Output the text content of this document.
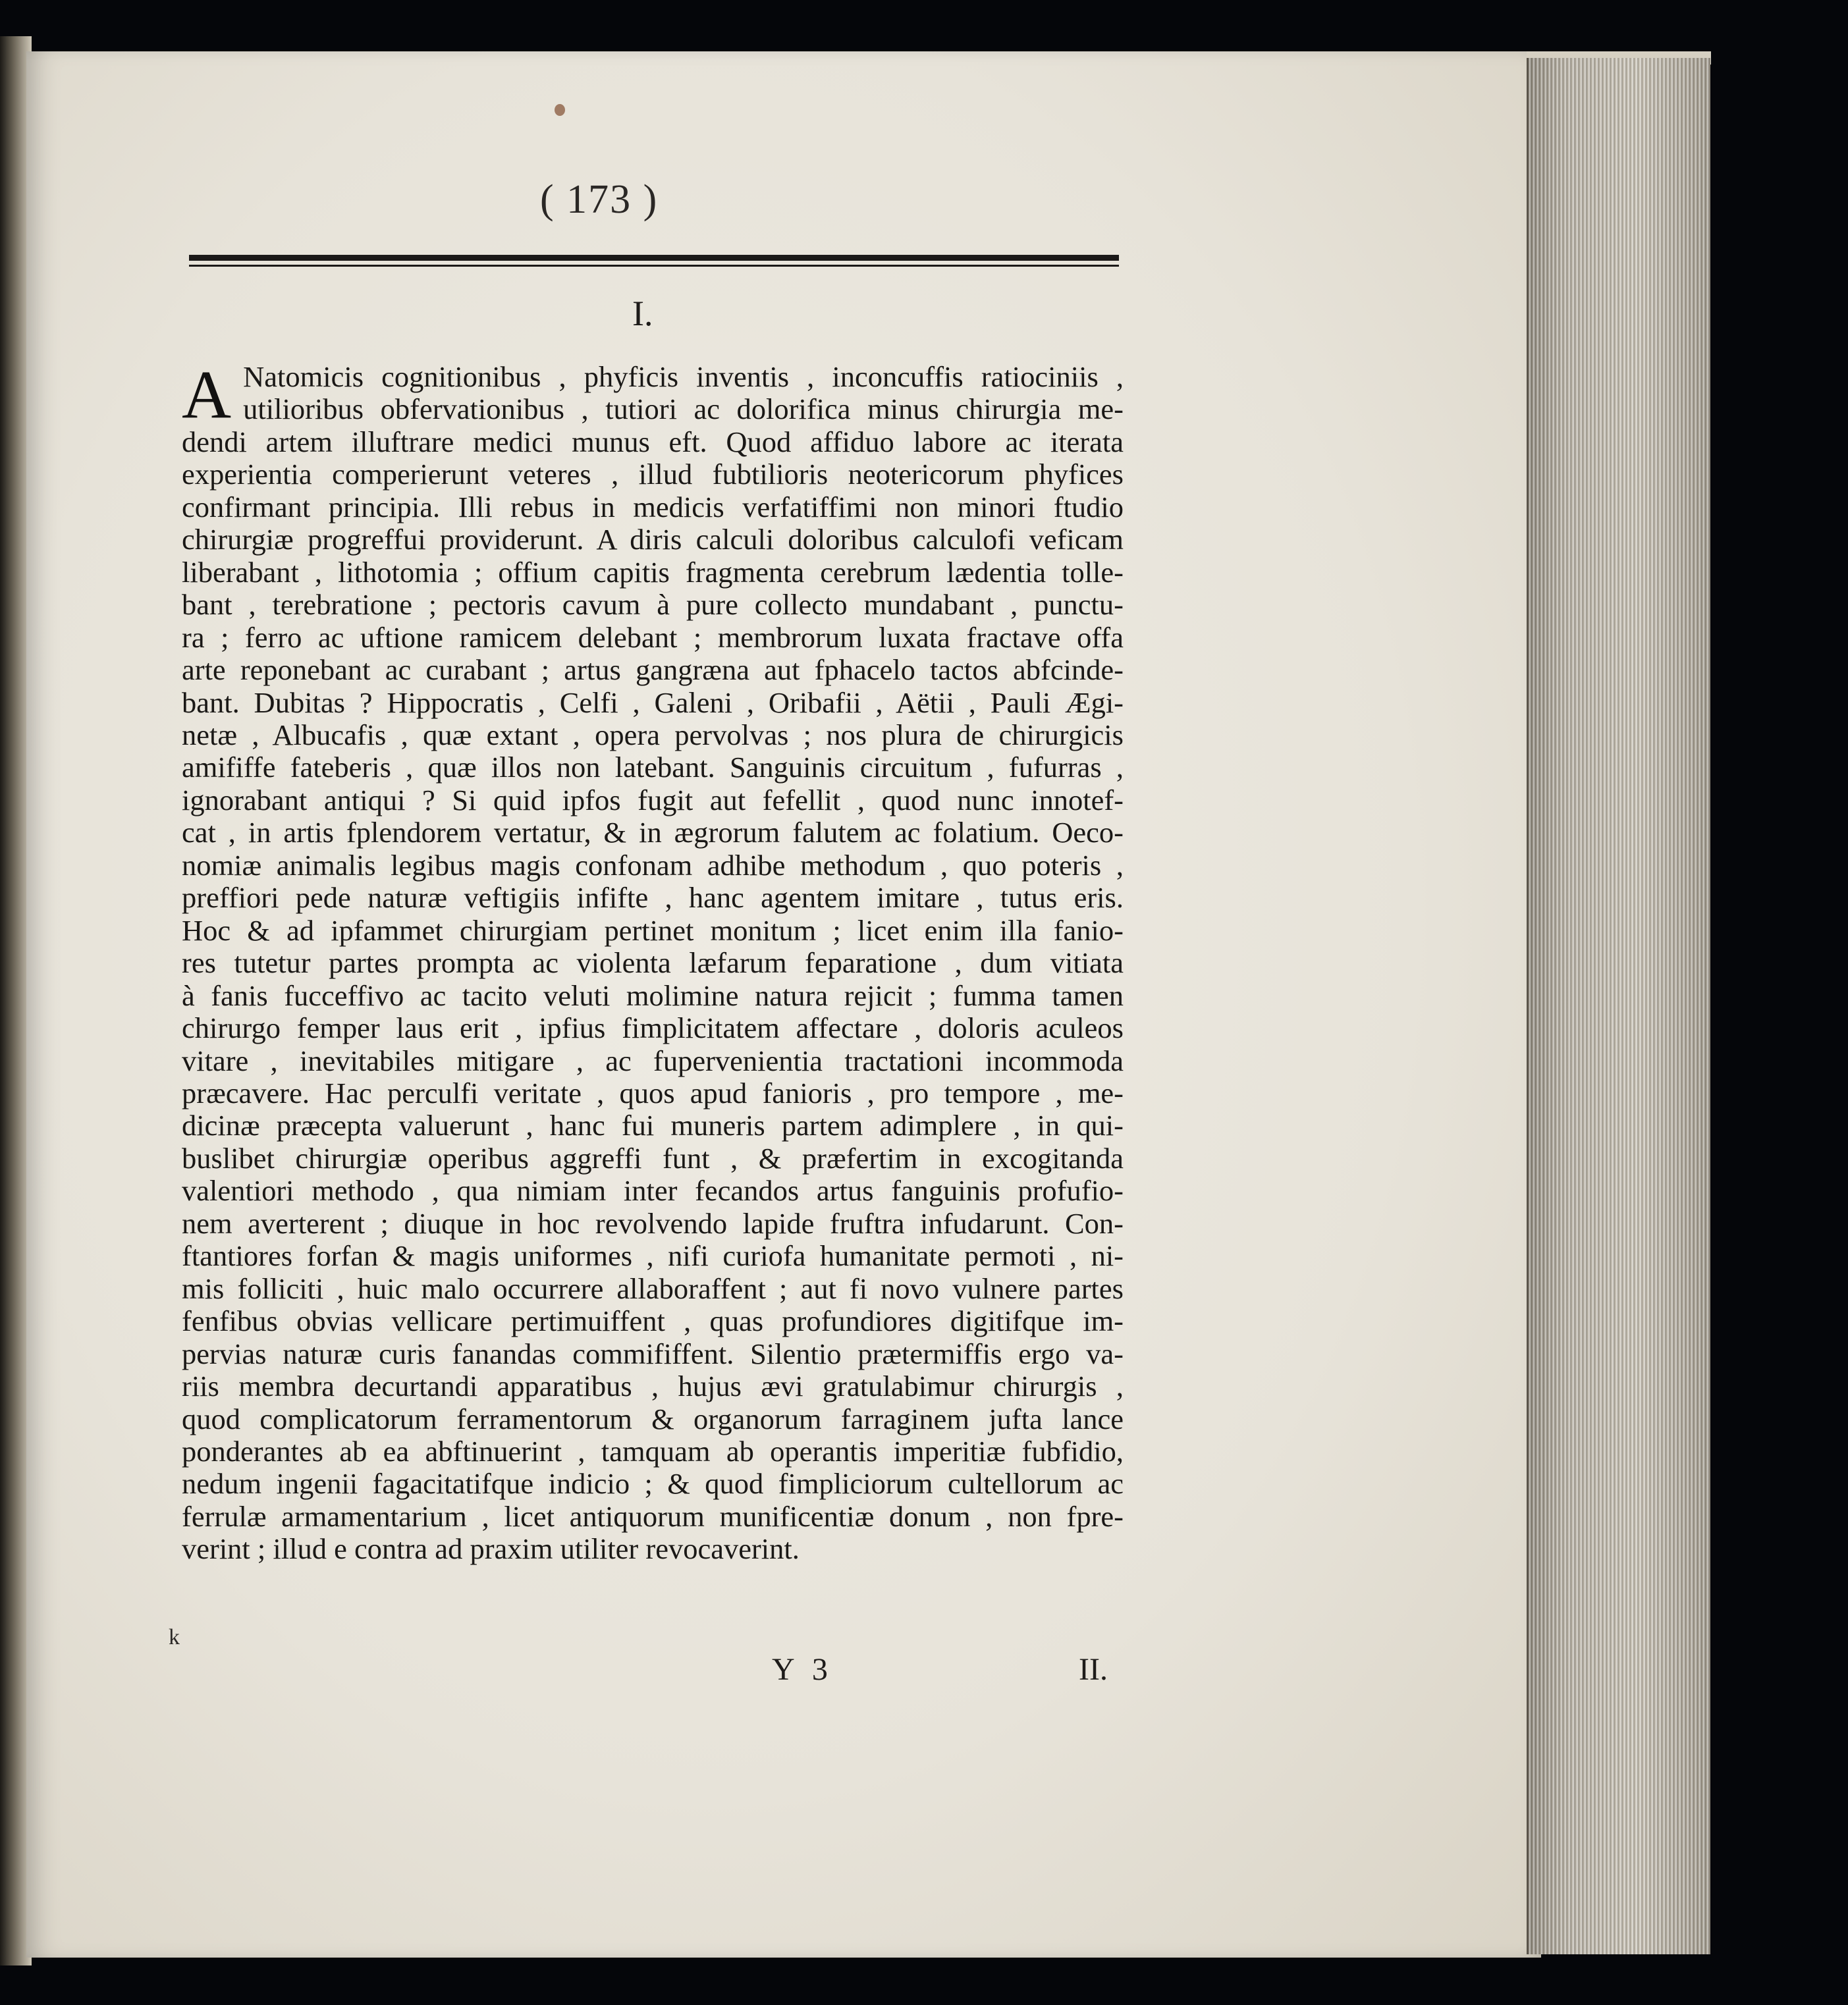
( 173 )
I.
A Natomicis cognitionibus , phyficis inventis , inconcuffis ratiociniis ,
utilioribus obfervationibus , tutiori ac dolorifica minus chirurgia me-
dendi artem illuftrare medici munus eft. Quod affiduo labore ac iterata
experientia comperierunt veteres , illud fubtilioris neotericorum phyfices
confirmant principia. Illi rebus in medicis verfatiffimi non minori ftudio
chirurgiæ progreffui providerunt. A diris calculi doloribus calculofi veficam
liberabant , lithotomia ; offium capitis fragmenta cerebrum lædentia tolle-
bant , terebratione ; pectoris cavum à pure collecto mundabant , punctu-
ra ; ferro ac uftione ramicem delebant ; membrorum luxata fractave offa
arte reponebant ac curabant ; artus gangræna aut fphacelo tactos abfcinde-
bant. Dubitas ? Hippocratis , Celfi , Galeni , Oribafii , Aëtii , Pauli Ægi-
netæ , Albucafis , quæ extant , opera pervolvas ; nos plura de chirurgicis
amififfe fateberis , quæ illos non latebant. Sanguinis circuitum , fufurras ,
ignorabant antiqui ? Si quid ipfos fugit aut fefellit , quod nunc innotef-
cat , in artis fplendorem vertatur, & in ægrorum falutem ac folatium. Oeco-
nomiæ animalis legibus magis confonam adhibe methodum , quo poteris ,
preffiori pede naturæ veftigiis infifte , hanc agentem imitare , tutus eris.
Hoc & ad ipfammet chirurgiam pertinet monitum ; licet enim illa fanio-
res tutetur partes prompta ac violenta læfarum feparatione , dum vitiata
à fanis fucceffivo ac tacito veluti molimine natura rejicit ; fumma tamen
chirurgo femper laus erit , ipfius fimplicitatem affectare , doloris aculeos
vitare , inevitabiles mitigare , ac fupervenientia tractationi incommoda
præcavere. Hac perculfi veritate , quos apud fanioris , pro tempore , me-
dicinæ præcepta valuerunt , hanc fui muneris partem adimplere , in qui-
buslibet chirurgiæ operibus aggreffi funt , & præfertim in excogitanda
valentiori methodo , qua nimiam inter fecandos artus fanguinis profufio-
nem averterent ; diuque in hoc revolvendo lapide fruftra infudarunt. Con-
ftantiores forfan & magis uniformes , nifi curiofa humanitate permoti , ni-
mis folliciti , huic malo occurrere allaboraffent ; aut fi novo vulnere partes
fenfibus obvias vellicare pertimuiffent , quas profundiores digitifque im-
pervias naturæ curis fanandas commififfent. Silentio prætermiffis ergo va-
riis membra decurtandi apparatibus , hujus ævi gratulabimur chirurgis ,
quod complicatorum ferramentorum & organorum farraginem jufta lance
ponderantes ab ea abftinuerint , tamquam ab operantis imperitiæ fubfidio,
nedum ingenii fagacitatifque indicio ; & quod fimpliciorum cultellorum ac
ferrulæ armamentarium , licet antiquorum munificentiæ donum , non fpre-
verint ; illud e contra ad praxim utiliter revocaverint.
k
Y 3	II.
